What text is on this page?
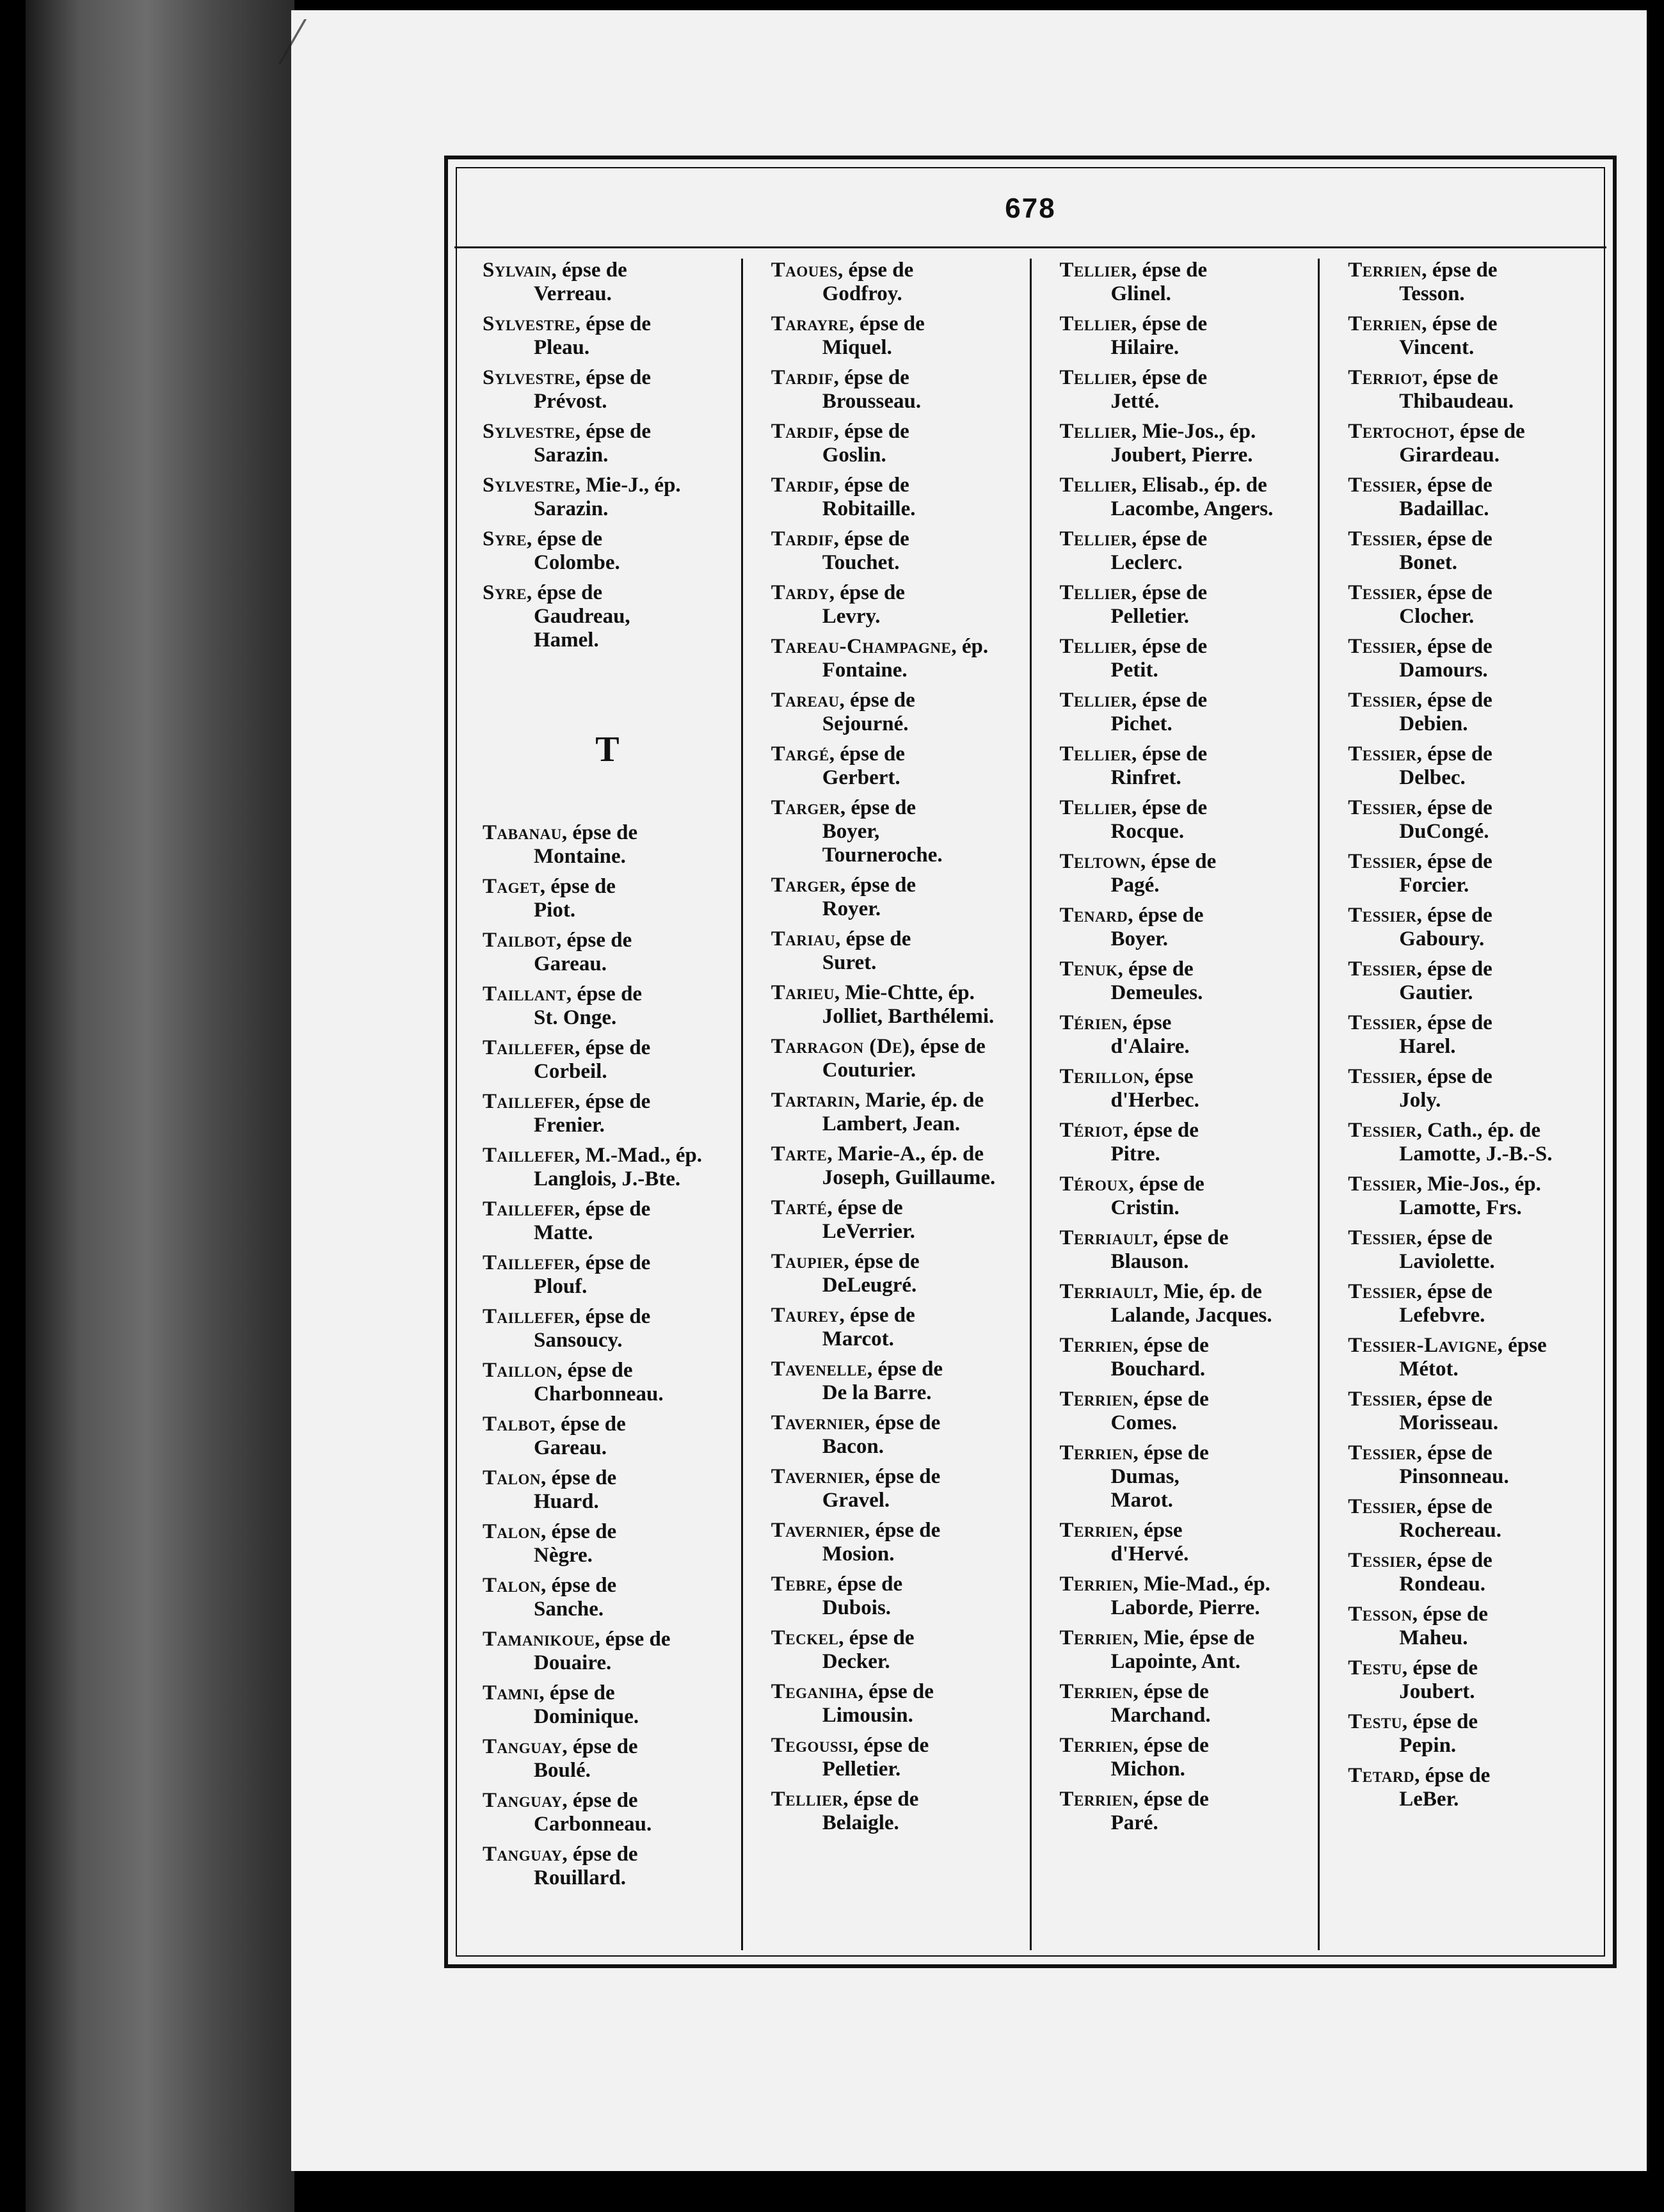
678
Sylvain, épse de
Verreau.
Sylvestre, épse de
Pleau.
Sylvestre, épse de
Prévost.
Sylvestre, épse de
Sarazin.
Sylvestre, Mie-J., ép.
Sarazin.
Syre, épse de
Colombe.
Syre, épse de
Gaudreau,
Hamel.
T
Tabanau, épse de
Montaine.
Taget, épse de
Piot.
Tailbot, épse de
Gareau.
Taillant, épse de
St. Onge.
Taillefer, épse de
Corbeil.
Taillefer, épse de
Frenier.
Taillefer, M.-Mad., ép.
Langlois, J.-Bte.
Taillefer, épse de
Matte.
Taillefer, épse de
Plouf.
Taillefer, épse de
Sansoucy.
Taillon, épse de
Charbonneau.
Talbot, épse de
Gareau.
Talon, épse de
Huard.
Talon, épse de
Nègre.
Talon, épse de
Sanche.
Tamanikoue, épse de
Douaire.
Tamni, épse de
Dominique.
Tanguay, épse de
Boulé.
Tanguay, épse de
Carbonneau.
Tanguay, épse de
Rouillard.
Taoues, épse de
Godfroy.
Tarayre, épse de
Miquel.
Tardif, épse de
Brousseau.
Tardif, épse de
Goslin.
Tardif, épse de
Robitaille.
Tardif, épse de
Touchet.
Tardy, épse de
Levry.
Tareau-Champagne, ép.
Fontaine.
Tareau, épse de
Sejourné.
Targé, épse de
Gerbert.
Targer, épse de
Boyer,
Tourneroche.
Targer, épse de
Royer.
Tariau, épse de
Suret.
Tarieu, Mie-Chtte, ép.
Jolliet, Barthélemi.
Tarragon (De), épse de
Couturier.
Tartarin, Marie, ép. de
Lambert, Jean.
Tarte, Marie-A., ép. de
Joseph, Guillaume.
Tarté, épse de
LeVerrier.
Taupier, épse de
DeLeugré.
Taurey, épse de
Marcot.
Tavenelle, épse de
De la Barre.
Tavernier, épse de
Bacon.
Tavernier, épse de
Gravel.
Tavernier, épse de
Mosion.
Tebre, épse de
Dubois.
Teckel, épse de
Decker.
Teganiha, épse de
Limousin.
Tegoussi, épse de
Pelletier.
Tellier, épse de
Belaigle.
Tellier, épse de
Glinel.
Tellier, épse de
Hilaire.
Tellier, épse de
Jetté.
Tellier, Mie-Jos., ép.
Joubert, Pierre.
Tellier, Elisab., ép. de
Lacombe, Angers.
Tellier, épse de
Leclerc.
Tellier, épse de
Pelletier.
Tellier, épse de
Petit.
Tellier, épse de
Pichet.
Tellier, épse de
Rinfret.
Tellier, épse de
Rocque.
Teltown, épse de
Pagé.
Tenard, épse de
Boyer.
Tenuk, épse de
Demeules.
Térien, épse
d'Alaire.
Terillon, épse
d'Herbec.
Tériot, épse de
Pitre.
Téroux, épse de
Cristin.
Terriault, épse de
Blauson.
Terriault, Mie, ép. de
Lalande, Jacques.
Terrien, épse de
Bouchard.
Terrien, épse de
Comes.
Terrien, épse de
Dumas,
Marot.
Terrien, épse
d'Hervé.
Terrien, Mie-Mad., ép.
Laborde, Pierre.
Terrien, Mie, épse de
Lapointe, Ant.
Terrien, épse de
Marchand.
Terrien, épse de
Michon.
Terrien, épse de
Paré.
Terrien, épse de
Tesson.
Terrien, épse de
Vincent.
Terriot, épse de
Thibaudeau.
Tertochot, épse de
Girardeau.
Tessier, épse de
Badaillac.
Tessier, épse de
Bonet.
Tessier, épse de
Clocher.
Tessier, épse de
Damours.
Tessier, épse de
Debien.
Tessier, épse de
Delbec.
Tessier, épse de
DuCongé.
Tessier, épse de
Forcier.
Tessier, épse de
Gaboury.
Tessier, épse de
Gautier.
Tessier, épse de
Harel.
Tessier, épse de
Joly.
Tessier, Cath., ép. de
Lamotte, J.-B.-S.
Tessier, Mie-Jos., ép.
Lamotte, Frs.
Tessier, épse de
Laviolette.
Tessier, épse de
Lefebvre.
Tessier-Lavigne, épse
Métot.
Tessier, épse de
Morisseau.
Tessier, épse de
Pinsonneau.
Tessier, épse de
Rochereau.
Tessier, épse de
Rondeau.
Tesson, épse de
Maheu.
Testu, épse de
Joubert.
Testu, épse de
Pepin.
Tetard, épse de
LeBer.
